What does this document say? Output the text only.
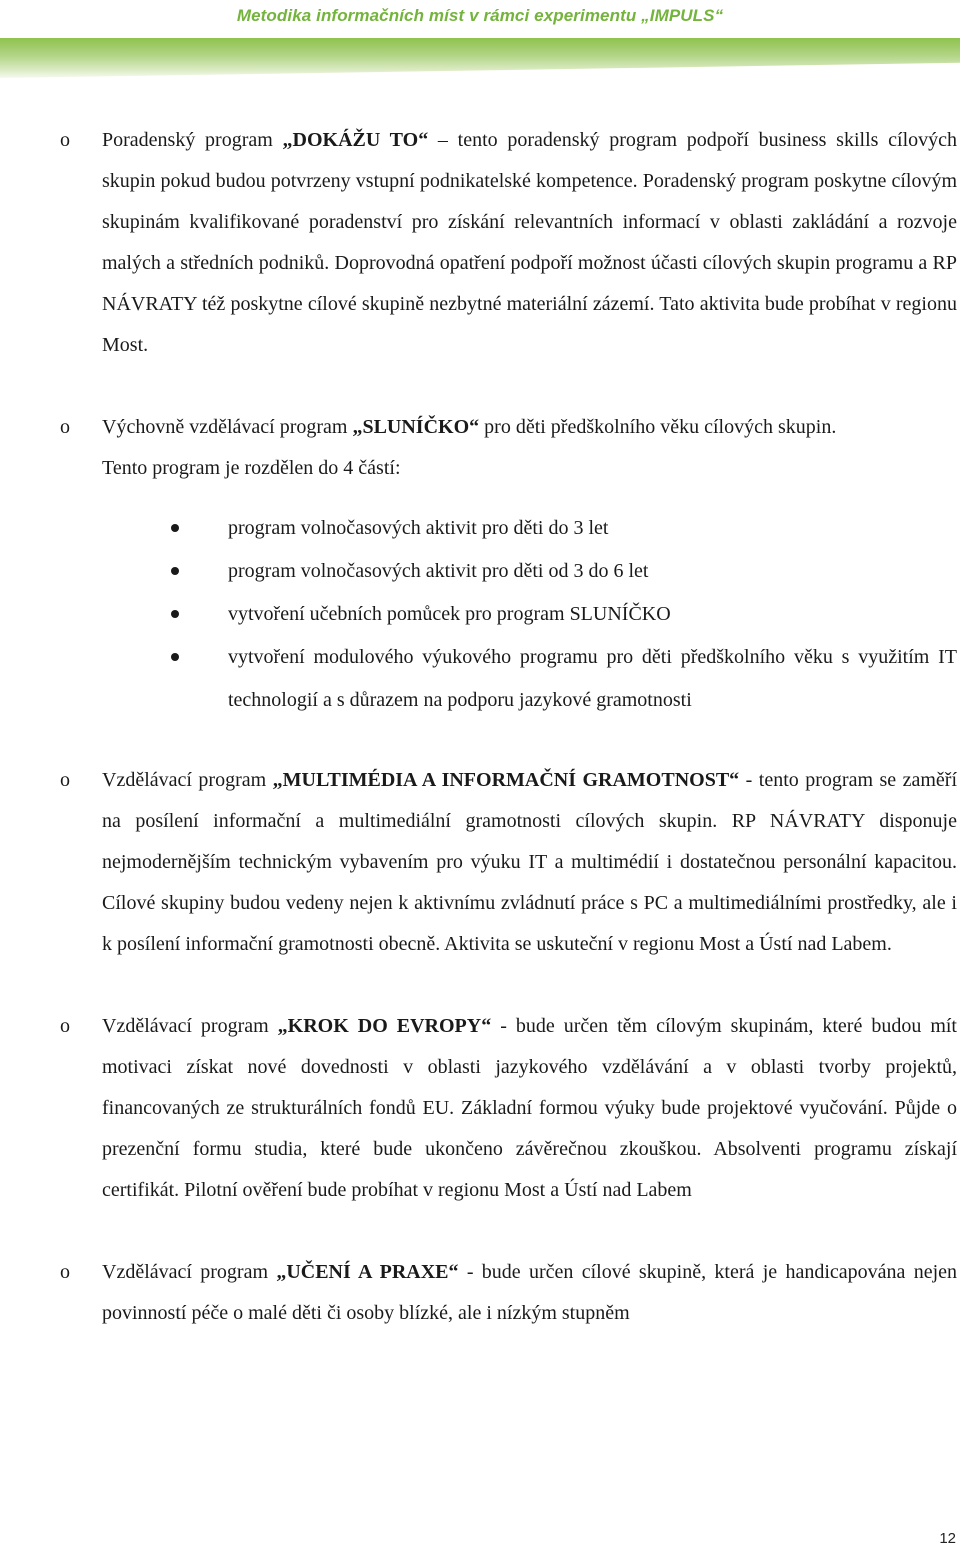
Metodika informačních míst v rámci experimentu „IMPULS“
o Poradenský program „DOKÁŽU TO“ – tento poradenský program podpoří business skills cílových skupin pokud budou potvrzeny vstupní podnikatelské kompetence. Poradenský program poskytne cílovým skupinám kvalifikované poradenství pro získání relevantních informací v oblasti zakládání a rozvoje malých a středních podniků. Doprovodná opatření podpoří možnost účasti cílových skupin programu a RP NÁVRATY též poskytne cílové skupině nezbytné materiální zázemí. Tato aktivita bude probíhat v regionu Most.

o Výchovně vzdělávací program „SLUNÍČKO“ pro děti předškolního věku cílových skupin.

Tento program je rozdělen do 4 částí:

program volnočasových aktivit pro děti do 3 let
program volnočasových aktivit pro děti od 3 do 6 let
vytvoření učebních pomůcek pro program SLUNÍČKO
vytvoření modulového výukového programu pro děti předškolního věku s využitím IT technologií a s důrazem na podporu jazykové gramotnosti
o Vzdělávací program „MULTIMÉDIA A INFORMAČNÍ GRAMOTNOST“ - tento program se zaměří na posílení informační a multimediální gramotnosti cílových skupin. RP NÁVRATY disponuje nejmodernějším technickým vybavením pro výuku IT a multimédií i dostatečnou personální kapacitou. Cílové skupiny budou vedeny nejen k aktivnímu zvládnutí práce s PC a multimediálními prostředky, ale i k posílení informační gramotnosti obecně. Aktivita se uskuteční v regionu Most a Ústí nad Labem.

o Vzdělávací program „KROK DO EVROPY“ - bude určen těm cílovým skupinám, které budou mít motivaci získat nové dovednosti v oblasti jazykového vzdělávání a v oblasti tvorby projektů, financovaných ze strukturálních fondů EU. Základní formou výuky bude projektové vyučování. Půjde o prezenční formu studia, které bude ukončeno závěrečnou zkouškou. Absolventi programu získají certifikát. Pilotní ověření bude probíhat v regionu Most a Ústí nad Labem

o Vzdělávací program „UČENÍ A PRAXE“ - bude určen cílové skupině, která je handicapována nejen povinností péče o malé děti či osoby blízké, ale i nízkým stupněm

12
